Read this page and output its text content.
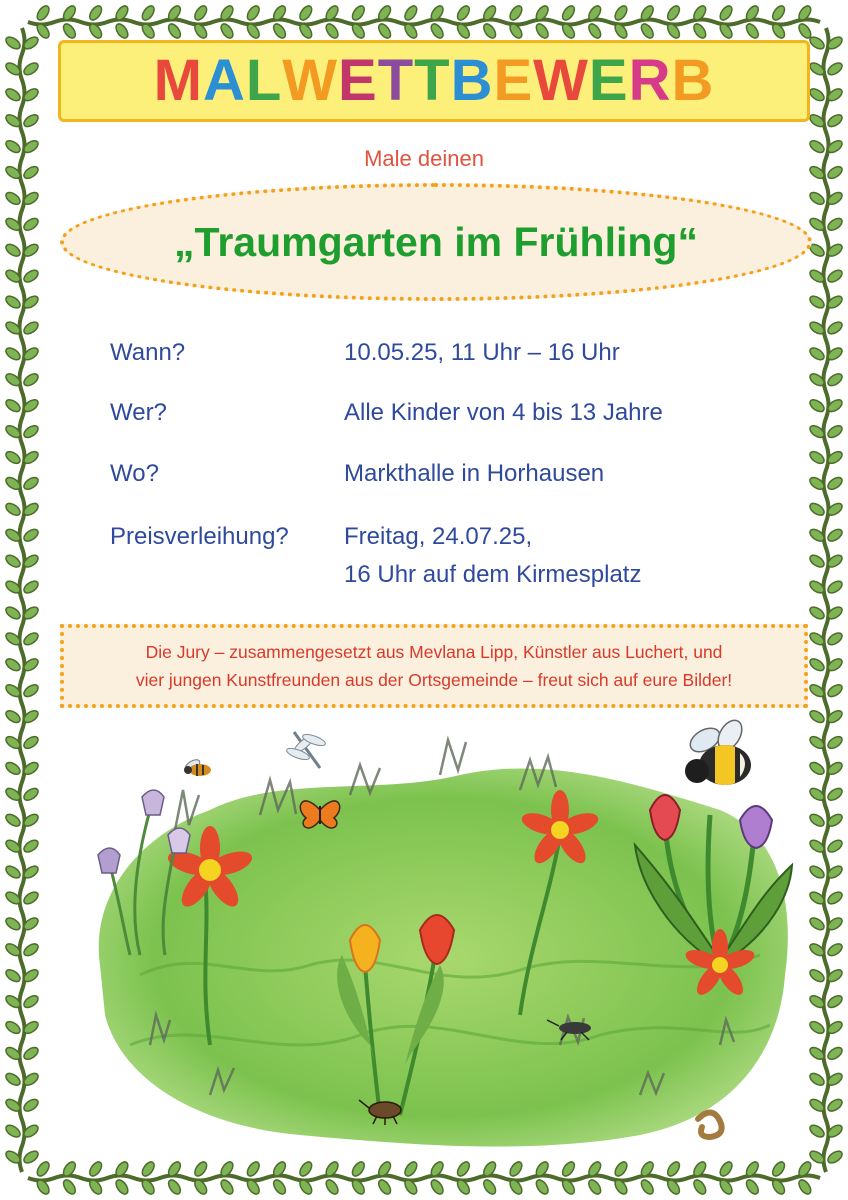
MALWETTBEWERB
Male deinen
„Traumgarten im Frühling“
Wann?	10.05.25, 11 Uhr – 16 Uhr
Wer?	Alle Kinder von 4 bis 13 Jahre
Wo?	Markthalle in Horhausen
Preisverleihung? Freitag, 24.07.25,
16 Uhr auf dem Kirmesplatz
Die Jury – zusammengesetzt aus Mevlana Lipp, Künstler aus Luchert, und
vier jungen Kunstfreunden aus der Ortsgemeinde – freut sich auf eure Bilder!
